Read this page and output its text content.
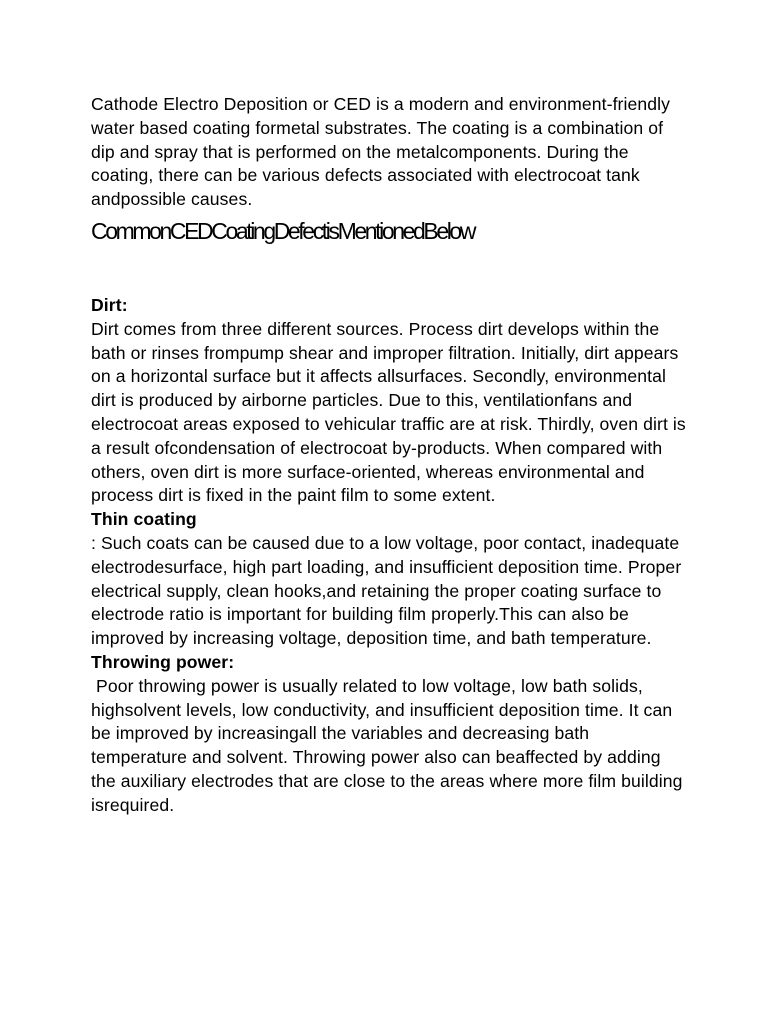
Cathode Electro Deposition or CED is a modern and environment-friendly water based coating formetal substrates. The coating is a combination of dip and spray that is performed on the metalcomponents. During the coating, there can be various defects associated with electrocoat tank andpossible causes.

Common CED Coating Defectis Mentioned Below
Dirt:

Dirt comes from three different sources. Process dirt develops within the bath or rinses frompump shear and improper filtration. Initially, dirt appears on a horizontal surface but it affects allsurfaces. Secondly, environmental dirt is produced by airborne particles. Due to this, ventilationfans and electrocoat areas exposed to vehicular traffic are at risk. Thirdly, oven dirt is a result ofcondensation of electrocoat by-products. When compared with others, oven dirt is more surface-oriented, whereas environmental and process dirt is fixed in the paint film to some extent.

Thin coating

: Such coats can be caused due to a low voltage, poor contact, inadequate electrodesurface, high part loading, and insufficient deposition time. Proper electrical supply, clean hooks,and retaining the proper coating surface to electrode ratio is important for building film properly.This can also be improved by increasing voltage, deposition time, and bath temperature.

Throwing power:

Poor throwing power is usually related to low voltage, low bath solids, highsolvent levels, low conductivity, and insufficient deposition time. It can be improved by increasingall the variables and decreasing bath temperature and solvent. Throwing power also can beaffected by adding the auxiliary electrodes that are close to the areas where more film building isrequired.
